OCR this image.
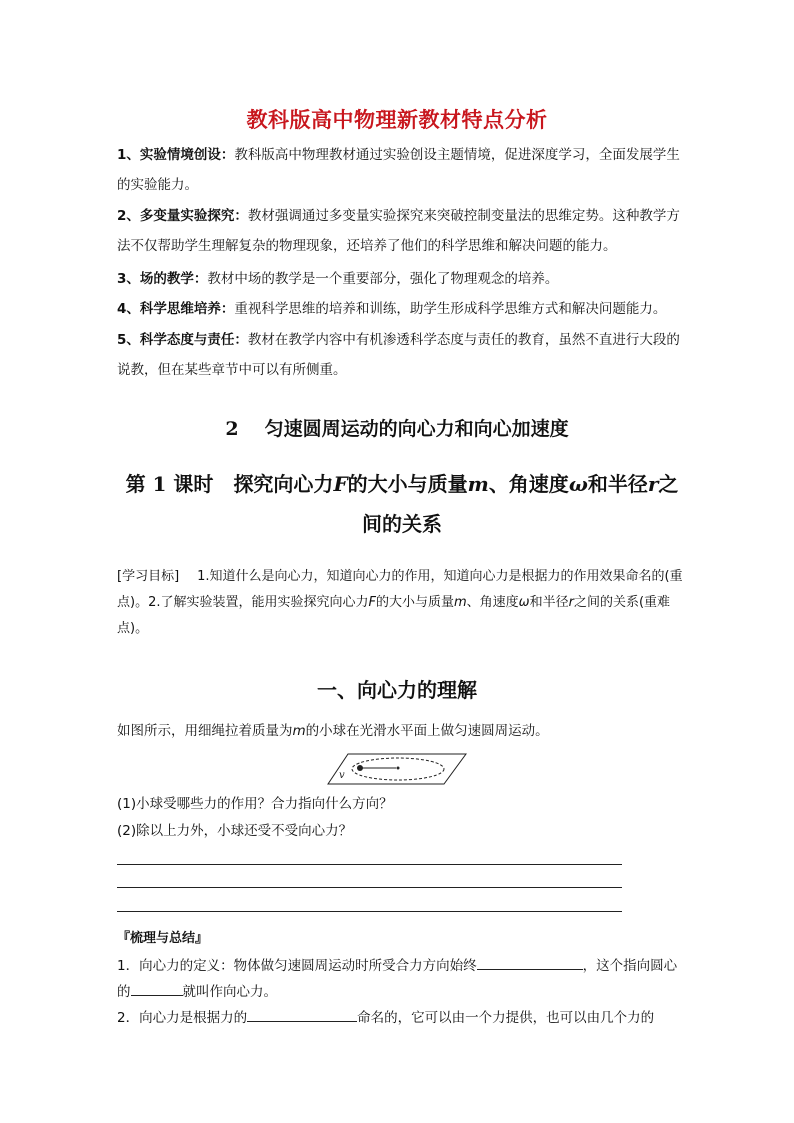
教科版高中物理新教材特点分析

1、实验情境创设：教科版高中物理教材通过实验创设主题情境，促进深度学习，全面发展学生的实验能力。

2、多变量实验探究：教材强调通过多变量实验探究来突破控制变量法的思维定势。这种教学方法不仅帮助学生理解复杂的物理现象，还培养了他们的科学思维和解决问题的能力。

3、场的教学：教材中场的教学是一个重要部分，强化了物理观念的培养。

4、科学思维培养：重视科学思维的培养和训练，助学生形成科学思维方式和解决问题能力。

5、科学态度与责任：教材在教学内容中有机渗透科学态度与责任的教育，虽然不直进行大段的说教，但在某些章节中可以有所侧重。

2 匀速圆周运动的向心力和向心加速度
第 1 课时 探究向心力F的大小与质量m、角速度ω和半径r之间的关系
[学习目标] 1.知道什么是向心力，知道向心力的作用，知道向心力是根据力的作用效果命名的(重点)。2.了解实验装置，能用实验探究向心力F的大小与质量m、角速度ω和半径r之间的关系(重难点)。
一、向心力的理解
如图所示，用细绳拉着质量为m的小球在光滑水平面上做匀速圆周运动。
v
(1)小球受哪些力的作用？合力指向什么方向？
(2)除以上力外，小球还受不受向心力？
『梳理与总结』
1．向心力的定义：物体做匀速圆周运动时所受合力方向始终	，这个指向圆心的	就叫作向心力。
2．向心力是根据力的	命名的，它可以由一个力提供，也可以由几个力的
